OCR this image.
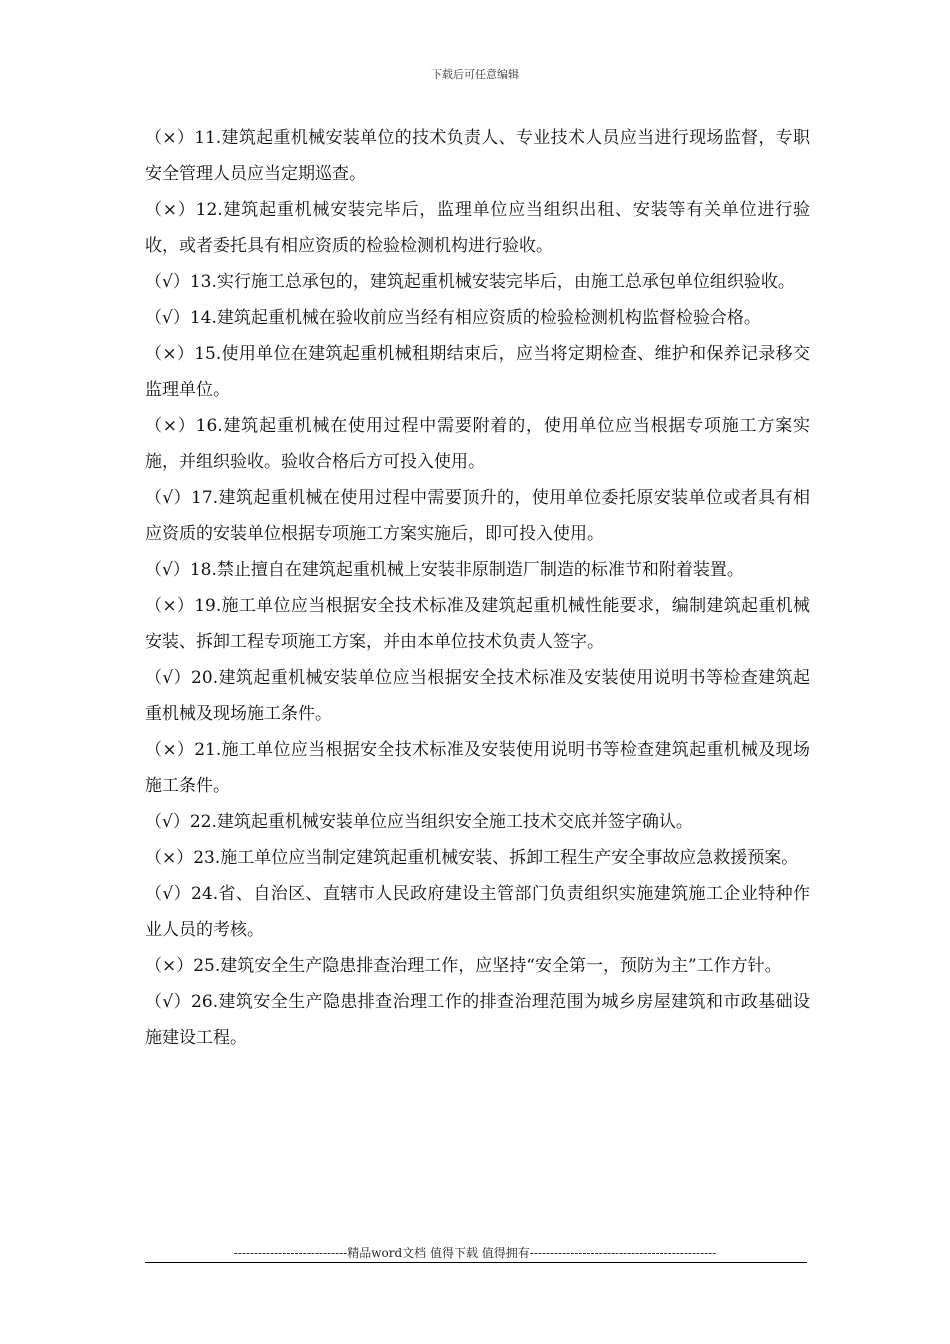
下载后可任意编辑

（×）11.建筑起重机械安装单位的技术负责人、专业技术人员应当进行现场监督，专职安全管理人员应当定期巡查。

（×）12.建筑起重机械安装完毕后，监理单位应当组织出租、安装等有关单位进行验收，或者委托具有相应资质的检验检测机构进行验收。

（√）13.实行施工总承包的，建筑起重机械安装完毕后，由施工总承包单位组织验收。

（√）14.建筑起重机械在验收前应当经有相应资质的检验检测机构监督检验合格。

（×）15.使用单位在建筑起重机械租期结束后，应当将定期检查、维护和保养记录移交监理单位。

（×）16.建筑起重机械在使用过程中需要附着的，使用单位应当根据专项施工方案实施，并组织验收。验收合格后方可投入使用。

（√）17.建筑起重机械在使用过程中需要顶升的，使用单位委托原安装单位或者具有相应资质的安装单位根据专项施工方案实施后，即可投入使用。

（√）18.禁止擅自在建筑起重机械上安装非原制造厂制造的标准节和附着装置。

（×）19.施工单位应当根据安全技术标准及建筑起重机械性能要求，编制建筑起重机械安装、拆卸工程专项施工方案，并由本单位技术负责人签字。

（√）20.建筑起重机械安装单位应当根据安全技术标准及安装使用说明书等检查建筑起重机械及现场施工条件。

（×）21.施工单位应当根据安全技术标准及安装使用说明书等检查建筑起重机械及现场施工条件。

（√）22.建筑起重机械安装单位应当组织安全施工技术交底并签字确认。

（×）23.施工单位应当制定建筑起重机械安装、拆卸工程生产安全事故应急救援预案。

（√）24.省、自治区、直辖市人民政府建设主管部门负责组织实施建筑施工企业特种作业人员的考核。

（×）25.建筑安全生产隐患排查治理工作，应坚持“安全第一，预防为主”工作方针。

（√）26.建筑安全生产隐患排查治理工作的排查治理范围为城乡房屋建筑和市政基础设施建设工程。

----------------------------精品word文档 值得下载 值得拥有----------------------------------------------
